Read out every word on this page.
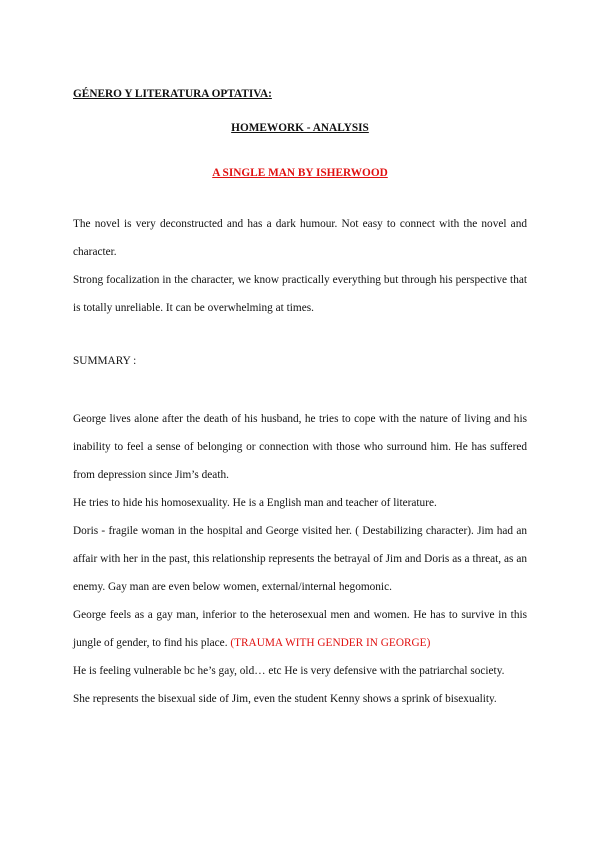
GÉNERO Y LITERATURA OPTATIVA:
HOMEWORK - ANALYSIS
A SINGLE MAN BY ISHERWOOD

The novel is very deconstructed and has a dark humour. Not easy to connect with the novel and character.

Strong focalization in the character, we know practically everything but through his perspective that is totally unreliable. It can be overwhelming at times.

SUMMARY :

George lives alone after the death of his husband, he tries to cope with the nature of living and his inability to feel a sense of belonging or connection with those who surround him. He has suffered from depression since Jim’s death.

He tries to hide his homosexuality. He is a English man and teacher of literature.

Doris - fragile woman in the hospital and George visited her. ( Destabilizing character). Jim had an affair with her in the past, this relationship represents the betrayal of Jim and Doris as a threat, as an enemy. Gay man are even below women, external/internal hegomonic.

George feels as a gay man, inferior to the heterosexual men and women. He has to survive in this jungle of gender, to find his place. (TRAUMA WITH GENDER IN GEORGE)

He is feeling vulnerable bc he’s gay, old… etc He is very defensive with the patriarchal society.

She represents the bisexual side of Jim, even the student Kenny shows a sprink of bisexuality.
